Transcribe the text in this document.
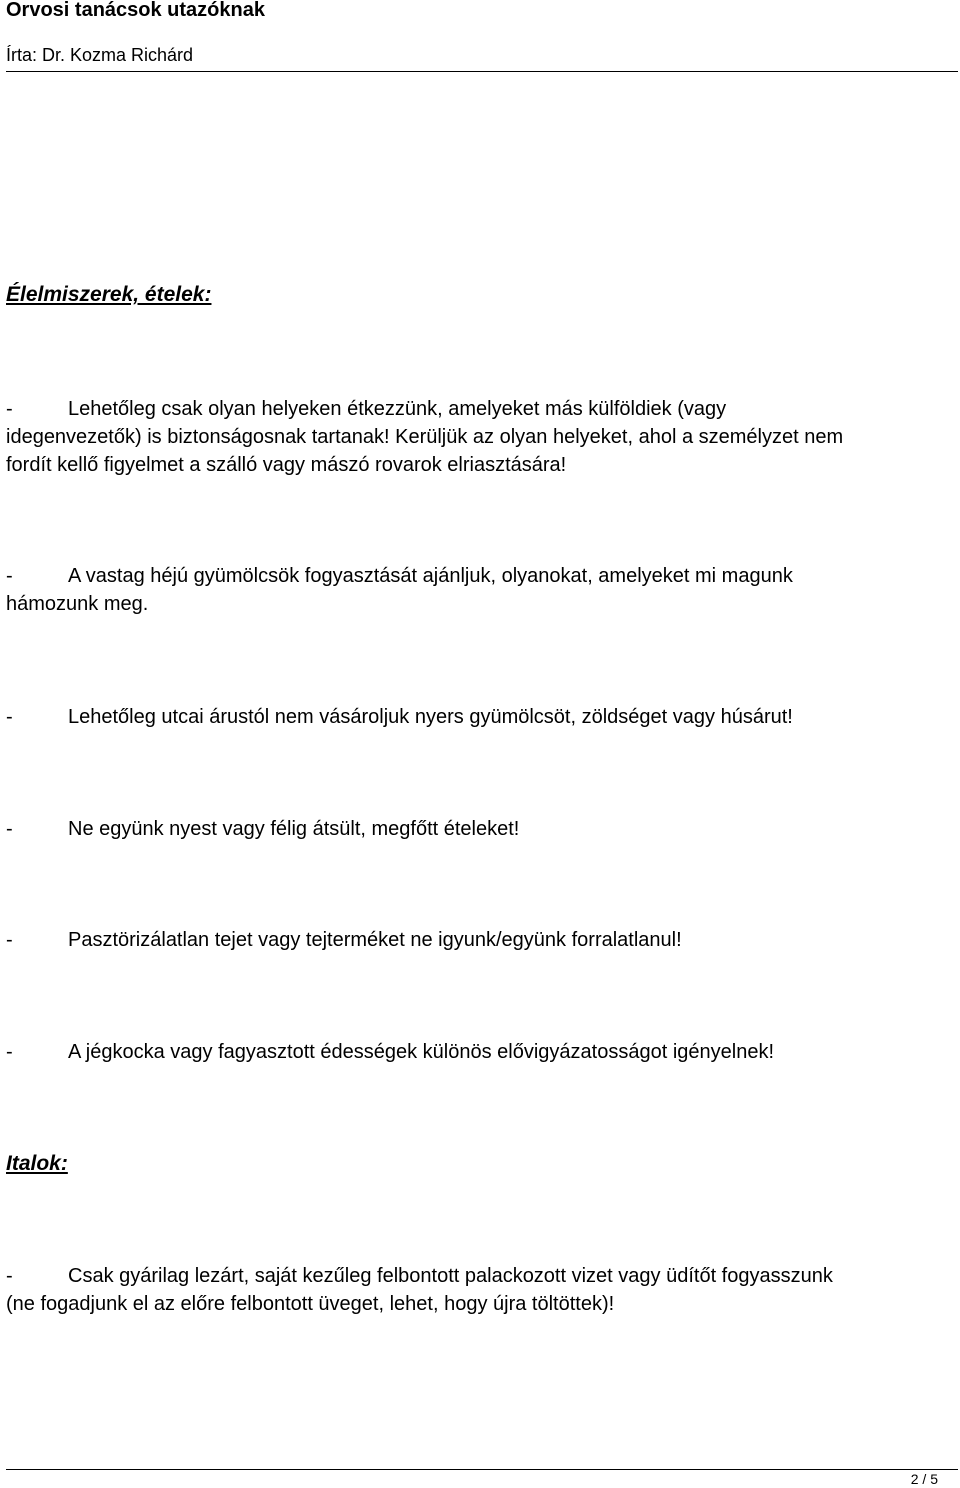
Orvosi tanácsok utazóknak
Írta: Dr. Kozma Richárd
Élelmiszerek, ételek:

-	Lehetőleg csak olyan helyeken étkezzünk, amelyeket más külföldiek (vagy
idegenvezetők) is biztonságosnak tartanak! Kerüljük az olyan helyeket, ahol a személyzet nem
fordít kellő figyelmet a szálló vagy mászó rovarok elriasztására!

-	A vastag héjú gyümölcsök fogyasztását ajánljuk, olyanokat, amelyeket mi magunk
hámozunk meg.

-	Lehetőleg utcai árustól nem vásároljuk nyers gyümölcsöt, zöldséget vagy húsárut!

-	Ne együnk nyest vagy félig átsült, megfőtt ételeket!

-	Pasztörizálatlan tejet vagy tejterméket ne igyunk/együnk forralatlanul!

-	A jégkocka vagy fagyasztott édességek különös elővigyázatosságot igényelnek!

Italok:

-	Csak gyárilag lezárt, saját kezűleg felbontott palackozott vizet vagy üdítőt fogyasszunk
(ne fogadjunk el az előre felbontott üveget, lehet, hogy újra töltöttek)!

2 / 5
